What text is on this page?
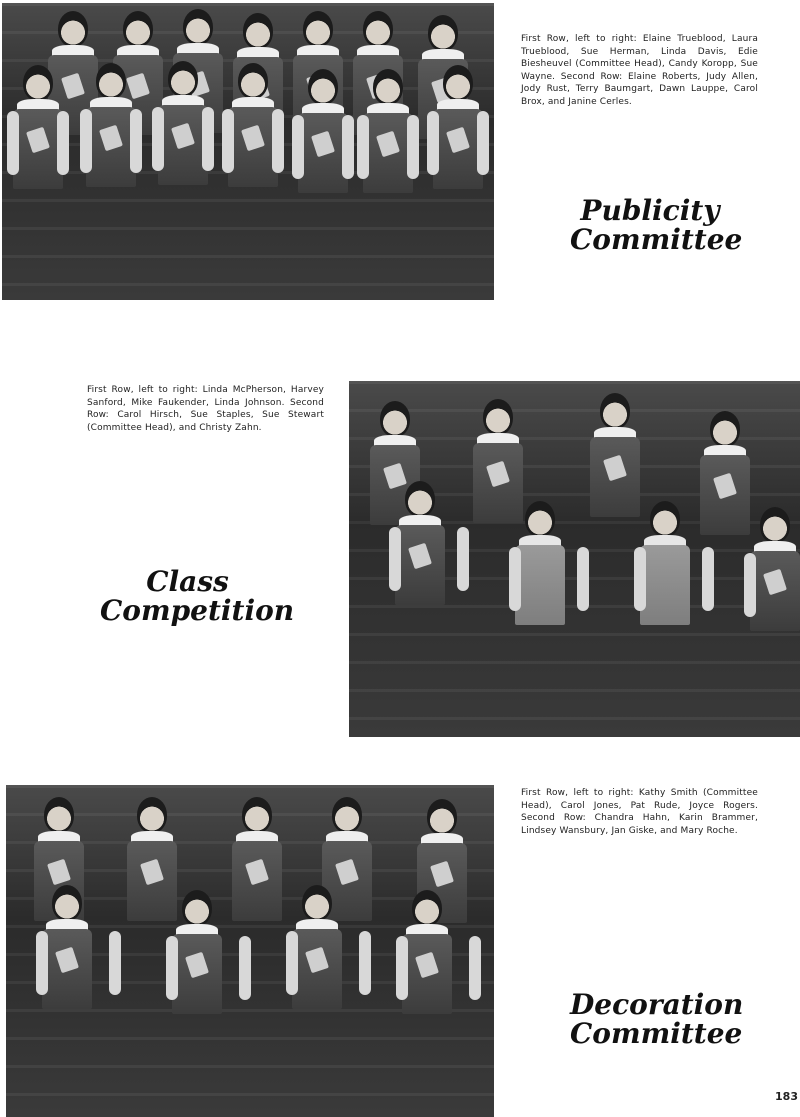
First Row, left to right: Elaine Trueblood, Laura Trueblood, Sue Herman, Linda Davis, Edie Biesheuvel (Committee Head), Candy Koropp, Sue Wayne. Second Row: Elaine Roberts, Judy Allen, Jody Rust, Terry Baumgart, Dawn Lauppe, Carol Brox, and Janine Cerles.
Publicity
Committee
First Row, left to right: Linda McPherson, Harvey Sanford, Mike Faukender, Linda Johnson. Second Row: Carol Hirsch, Sue Staples, Sue Stewart (Committee Head), and Christy Zahn.
Class
Competition
First Row, left to right: Kathy Smith (Committee Head), Carol Jones, Pat Rude, Joyce Rogers. Second Row: Chandra Hahn, Karin Brammer, Lindsey Wansbury, Jan Giske, and Mary Roche.
Decoration
Committee
183
